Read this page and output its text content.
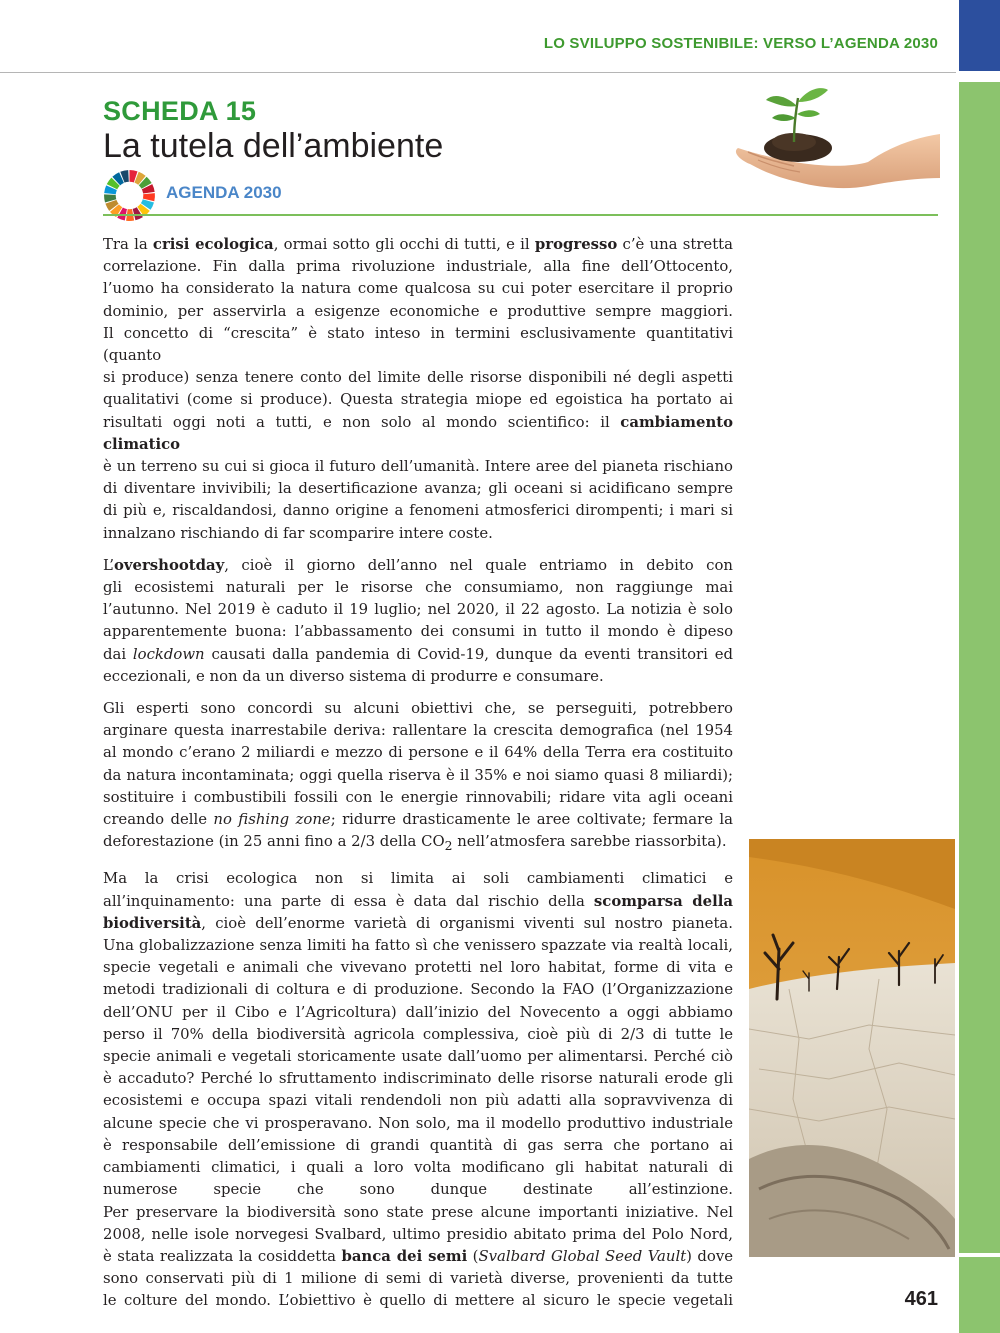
LO SVILUPPO SOSTENIBILE: VERSO L’AGENDA 2030
SCHEDA 15
La tutela dell’ambiente
AGENDA 2030

Tra la crisi ecologica, ormai sotto gli occhi di tutti, e il progresso c’è una stretta
correlazione. Fin dalla prima rivoluzione industriale, alla fine dell’Ottocento,
l’uomo ha considerato la natura come qualcosa su cui poter esercitare il proprio
dominio, per asservirla a esigenze economiche e produttive sempre maggiori.
Il concetto di “crescita” è stato inteso in termini esclusivamente quantitativi (quanto
si produce) senza tenere conto del limite delle risorse disponibili né degli aspetti
qualitativi (come si produce). Questa strategia miope ed egoistica ha portato ai
risultati oggi noti a tutti, e non solo al mondo scientifico: il cambiamento climatico
è un terreno su cui si gioca il futuro dell’umanità. Intere aree del pianeta rischiano
di diventare invivibili; la desertificazione avanza; gli oceani si acidificano sempre
di più e, riscaldandosi, danno origine a fenomeni atmosferici dirompenti; i mari si
innalzano rischiando di far scomparire intere coste.

L’overshootday, cioè il giorno dell’anno nel quale entriamo in debito con
gli ecosistemi naturali per le risorse che consumiamo, non raggiunge mai
l’autunno. Nel 2019 è caduto il 19 luglio; nel 2020, il 22 agosto. La notizia è solo
apparentemente buona: l’abbassamento dei consumi in tutto il mondo è dipeso
dai lockdown causati dalla pandemia di Covid-19, dunque da eventi transitori ed
eccezionali, e non da un diverso sistema di produrre e consumare.

Gli esperti sono concordi su alcuni obiettivi che, se perseguiti, potrebbero
arginare questa inarrestabile deriva: rallentare la crescita demografica (nel 1954
al mondo c’erano 2 miliardi e mezzo di persone e il 64% della Terra era costituito
da natura incontaminata; oggi quella riserva è il 35% e noi siamo quasi 8 miliardi);
sostituire i combustibili fossili con le energie rinnovabili; ridare vita agli oceani
creando delle no fishing zone; ridurre drasticamente le aree coltivate; fermare la
deforestazione (in 25 anni fino a 2/3 della $CO_2$ nell’atmosfera sarebbe riassorbita).

Ma la crisi ecologica non si limita ai soli cambiamenti climatici e
all’inquinamento: una parte di essa è data dal rischio della scomparsa della
biodiversità, cioè dell’enorme varietà di organismi viventi sul nostro pianeta.
Una globalizzazione senza limiti ha fatto sì che venissero spazzate via realtà locali,
specie vegetali e animali che vivevano protetti nel loro habitat, forme di vita e
metodi tradizionali di coltura e di produzione. Secondo la FAO (l’Organizzazione
dell’ONU per il Cibo e l’Agricoltura) dall’inizio del Novecento a oggi abbiamo
perso il 70% della biodiversità agricola complessiva, cioè più di 2/3 di tutte le
specie animali e vegetali storicamente usate dall’uomo per alimentarsi. Perché ciò
è accaduto? Perché lo sfruttamento indiscriminato delle risorse naturali erode gli
ecosistemi e occupa spazi vitali rendendoli non più adatti alla sopravvivenza di
alcune specie che vi prosperavano. Non solo, ma il modello produttivo industriale
è responsabile dell’emissione di grandi quantità di gas serra che portano ai
cambiamenti climatici, i quali a loro volta modificano gli habitat naturali di
numerose specie che sono dunque destinate all’estinzione.
Per preservare la biodiversità sono state prese alcune importanti iniziative. Nel
2008, nelle isole norvegesi Svalbard, ultimo presidio abitato prima del Polo Nord,
è stata realizzata la cosiddetta banca dei semi (Svalbard Global Seed Vault) dove
sono conservati più di 1 milione di semi di varietà diverse, provenienti da tutte
le colture del mondo. L’obiettivo è quello di mettere al sicuro le specie vegetali	461
